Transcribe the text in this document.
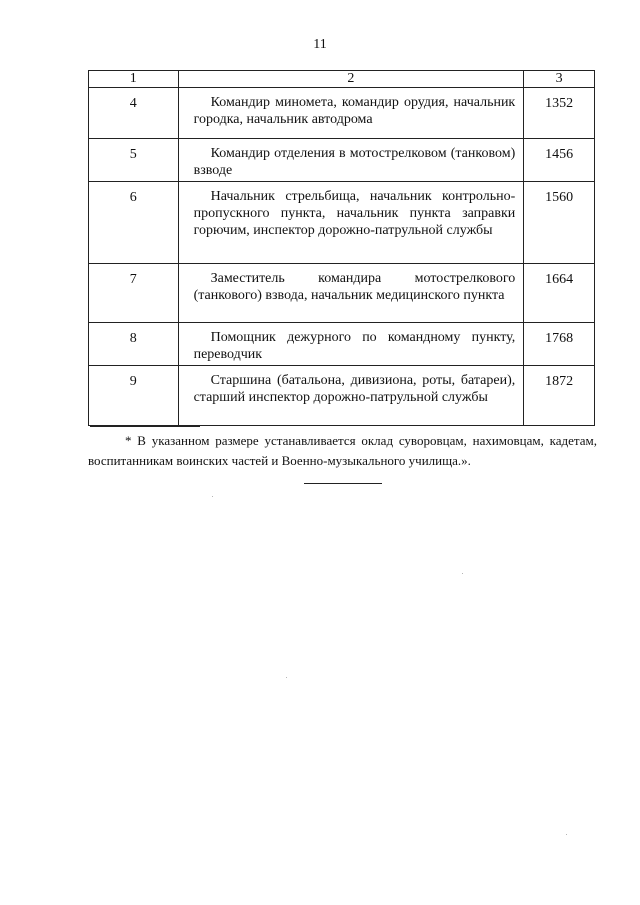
11
1	2	3
4	Командир миномета, командир орудия, начальник городка, начальник автодрома	1352
5	Командир отделения в мотострелковом (танковом) взводе	1456
6	Начальник стрельбища, начальник контрольно-пропускного пункта, начальник пункта заправки горючим, инспектор дорожно-патрульной службы	1560
7	Заместитель командира мотострелкового (танкового) взвода, начальник медицинского пункта	1664
8	Помощник дежурного по командному пункту, переводчик	1768
9	Старшина (батальона, дивизиона, роты, батареи), старший инспектор дорожно-патрульной службы	1872
* В указанном размере устанавливается оклад суворовцам, нахимовцам, кадетам, воспитанникам воинских частей и Военно-музыкального училища.».
